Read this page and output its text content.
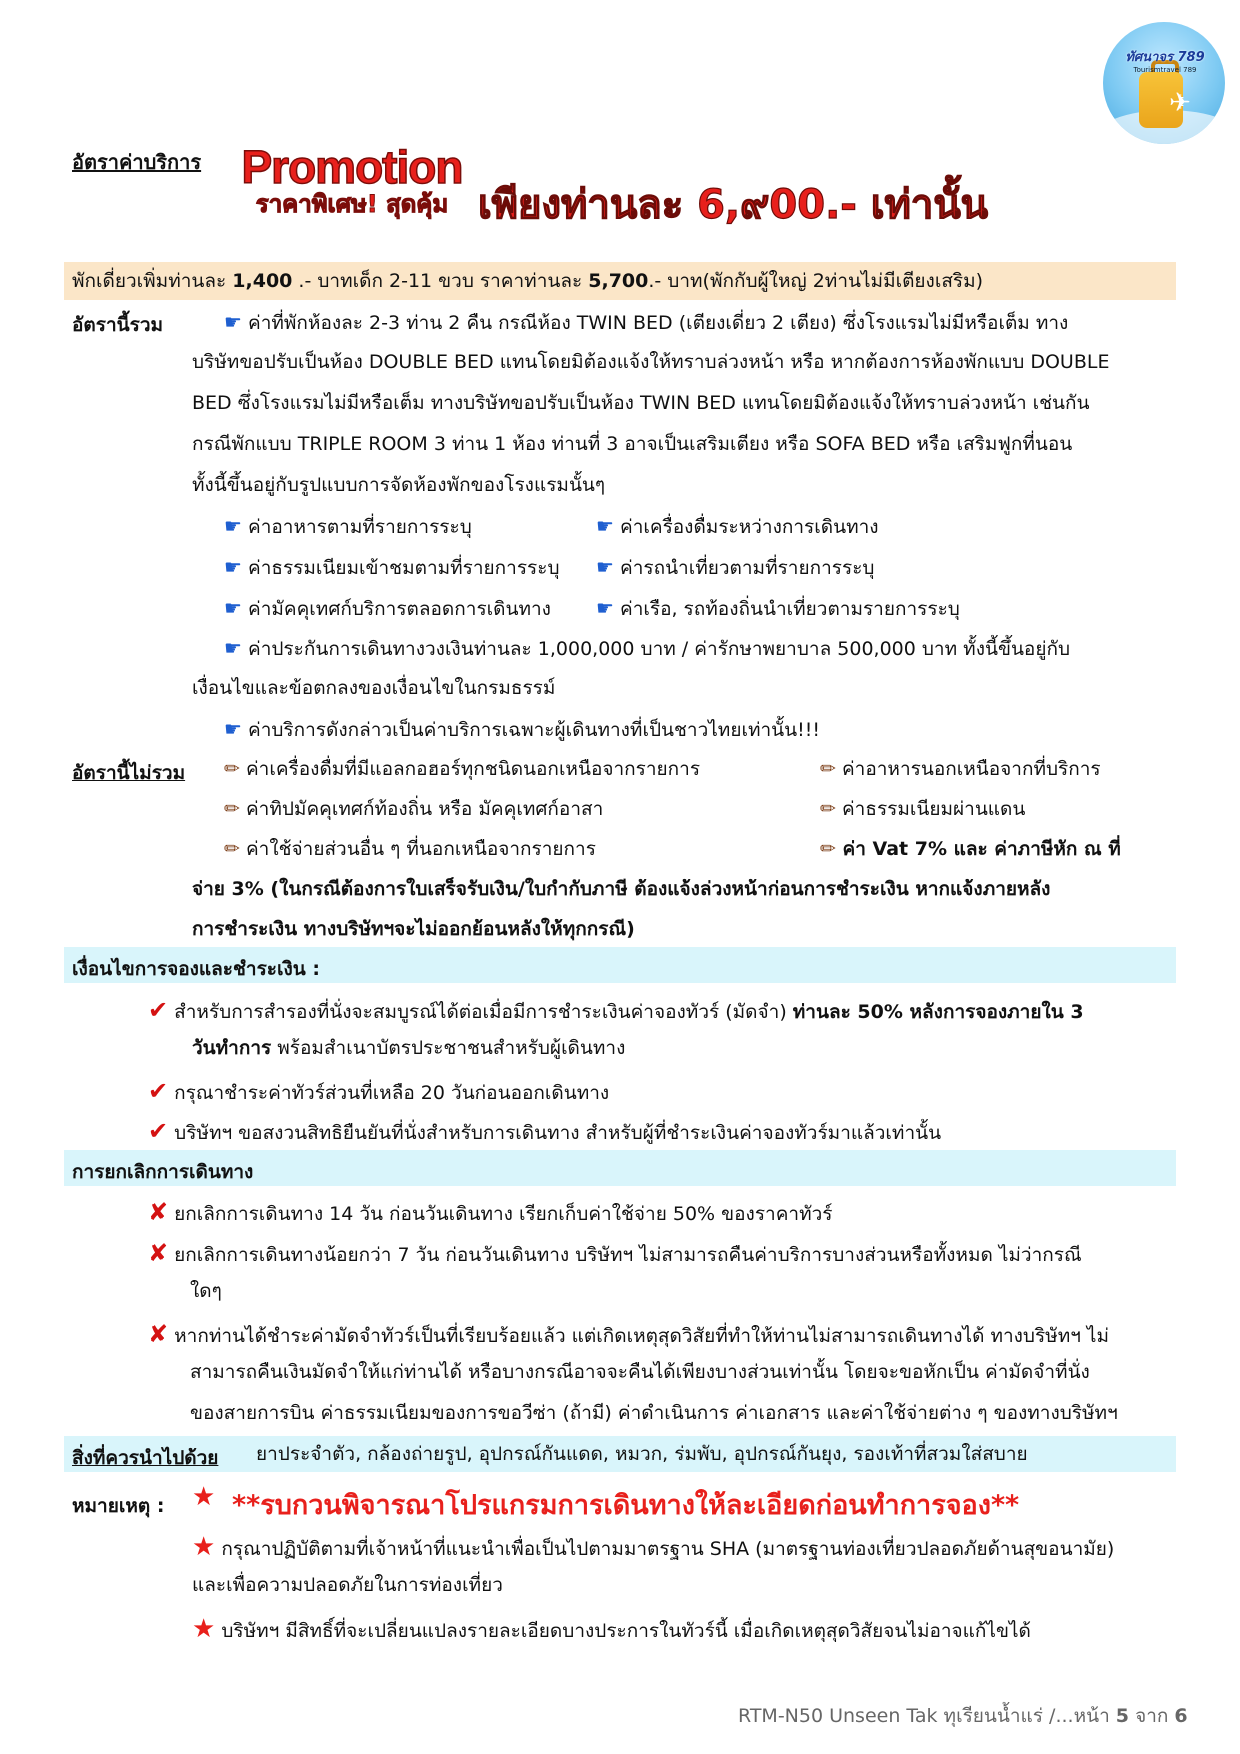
✈
ทัศนาจร 789
Tourismtravel 789
อัตราค่าบริการ Promotion
ราคาพิเศษ! สุดคุ้ม เพียงท่านละ 6,๙00.- เท่านั้น
พักเดี่ยวเพิ่มท่านละ 1,400 .- บาทเด็ก 2-11 ขวบ ราคาท่านละ 5,700.- บาท(พักกับผู้ใหญ่ 2ท่านไม่มีเตียงเสริม)
อัตรานี้รวม	☛ ค่าที่พักห้องละ 2-3 ท่าน 2 คืน กรณีห้อง TWIN BED (เตียงเดี่ยว 2 เตียง) ซึ่งโรงแรมไม่มีหรือเต็ม ทาง
บริษัทขอปรับเป็นห้อง DOUBLE BED แทนโดยมิต้องแจ้งให้ทราบล่วงหน้า หรือ หากต้องการห้องพักแบบ DOUBLE
BED ซึ่งโรงแรมไม่มีหรือเต็ม ทางบริษัทขอปรับเป็นห้อง TWIN BED แทนโดยมิต้องแจ้งให้ทราบล่วงหน้า เช่นกัน
กรณีพักแบบ TRIPLE ROOM 3 ท่าน 1 ห้อง ท่านที่ 3 อาจเป็นเสริมเตียง หรือ SOFA BED หรือ เสริมฟูกที่นอน
ทั้งนี้ขึ้นอยู่กับรูปแบบการจัดห้องพักของโรงแรมนั้นๆ
☛ ค่าอาหารตามที่รายการระบุ	☛ ค่าเครื่องดื่มระหว่างการเดินทาง
☛ ค่าธรรมเนียมเข้าชมตามที่รายการระบุ ☛ ค่ารถนำเที่ยวตามที่รายการระบุ
☛ ค่ามัคคุเทศก์บริการตลอดการเดินทาง ☛ ค่าเรือ, รถท้องถิ่นนำเที่ยวตามรายการระบุ
☛ ค่าประกันการเดินทางวงเงินท่านละ 1,000,000 บาท / ค่ารักษาพยาบาล 500,000 บาท ทั้งนี้ขึ้นอยู่กับ
เงื่อนไขและข้อตกลงของเงื่อนไขในกรมธรรม์
☛ ค่าบริการดังกล่าวเป็นค่าบริการเฉพาะผู้เดินทางที่เป็นชาวไทยเท่านั้น!!!
อัตรานี้ไม่รวม ✏ ค่าเครื่องดื่มที่มีแอลกอฮอร์ทุกชนิดนอกเหนือจากรายการ	✏ ค่าอาหารนอกเหนือจากที่บริการ
✏ ค่าทิปมัคคุเทศก์ท้องถิ่น หรือ มัคคุเทศก์อาสา	✏ ค่าธรรมเนียมผ่านแดน
✏ ค่าใช้จ่ายส่วนอื่น ๆ ที่นอกเหนือจากรายการ	✏ ค่า Vat 7% และ ค่าภาษีหัก ณ ที่
จ่าย 3% (ในกรณีต้องการใบเสร็จรับเงิน/ใบกำกับภาษี ต้องแจ้งล่วงหน้าก่อนการชำระเงิน หากแจ้งภายหลัง
การชำระเงิน ทางบริษัทฯจะไม่ออกย้อนหลังให้ทุกกรณี)
เงื่อนไขการจองและชำระเงิน :
✔ สำหรับการสำรองที่นั่งจะสมบูรณ์ได้ต่อเมื่อมีการชำระเงินค่าจองทัวร์ (มัดจำ) ท่านละ 50% หลังการจองภายใน 3
วันทำการ พร้อมสำเนาบัตรประชาชนสำหรับผู้เดินทาง
✔ กรุณาชำระค่าทัวร์ส่วนที่เหลือ 20 วันก่อนออกเดินทาง
✔ บริษัทฯ ขอสงวนสิทธิยืนยันที่นั่งสำหรับการเดินทาง สำหรับผู้ที่ชำระเงินค่าจองทัวร์มาแล้วเท่านั้น
การยกเลิกการเดินทาง
✘ ยกเลิกการเดินทาง 14 วัน ก่อนวันเดินทาง เรียกเก็บค่าใช้จ่าย 50% ของราคาทัวร์
✘ ยกเลิกการเดินทางน้อยกว่า 7 วัน ก่อนวันเดินทาง บริษัทฯ ไม่สามารถคืนค่าบริการบางส่วนหรือทั้งหมด ไม่ว่ากรณี
ใดๆ
✘ หากท่านได้ชำระค่ามัดจำทัวร์เป็นที่เรียบร้อยแล้ว แต่เกิดเหตุสุดวิสัยที่ทำให้ท่านไม่สามารถเดินทางได้ ทางบริษัทฯ ไม่
สามารถคืนเงินมัดจำให้แก่ท่านได้ หรือบางกรณีอาจจะคืนได้เพียงบางส่วนเท่านั้น โดยจะขอหักเป็น ค่ามัดจำที่นั่ง
ของสายการบิน ค่าธรรมเนียมของการขอวีซ่า (ถ้ามี) ค่าดำเนินการ ค่าเอกสาร และค่าใช้จ่ายต่าง ๆ ของทางบริษัทฯ
สิ่งที่ควรนำไปด้วย ยาประจำตัว, กล้องถ่ายรูป, อุปกรณ์กันแดด, หมวก, ร่มพับ, อุปกรณ์กันยุง, รองเท้าที่สวมใส่สบาย
หมายเหตุ : ★ **รบกวนพิจารณาโปรแกรมการเดินทางให้ละเอียดก่อนทำการจอง**
★ กรุณาปฏิบัติตามที่เจ้าหน้าที่แนะนำเพื่อเป็นไปตามมาตรฐาน SHA (มาตรฐานท่องเที่ยวปลอดภัยด้านสุขอนามัย)
และเพื่อความปลอดภัยในการท่องเที่ยว
★ บริษัทฯ มีสิทธิ์ที่จะเปลี่ยนแปลงรายละเอียดบางประการในทัวร์นี้ เมื่อเกิดเหตุสุดวิสัยจนไม่อาจแก้ไขได้
RTM-N50 Unseen Tak ทุเรียนน้ำแร่ /...หน้า 5 จาก 6
